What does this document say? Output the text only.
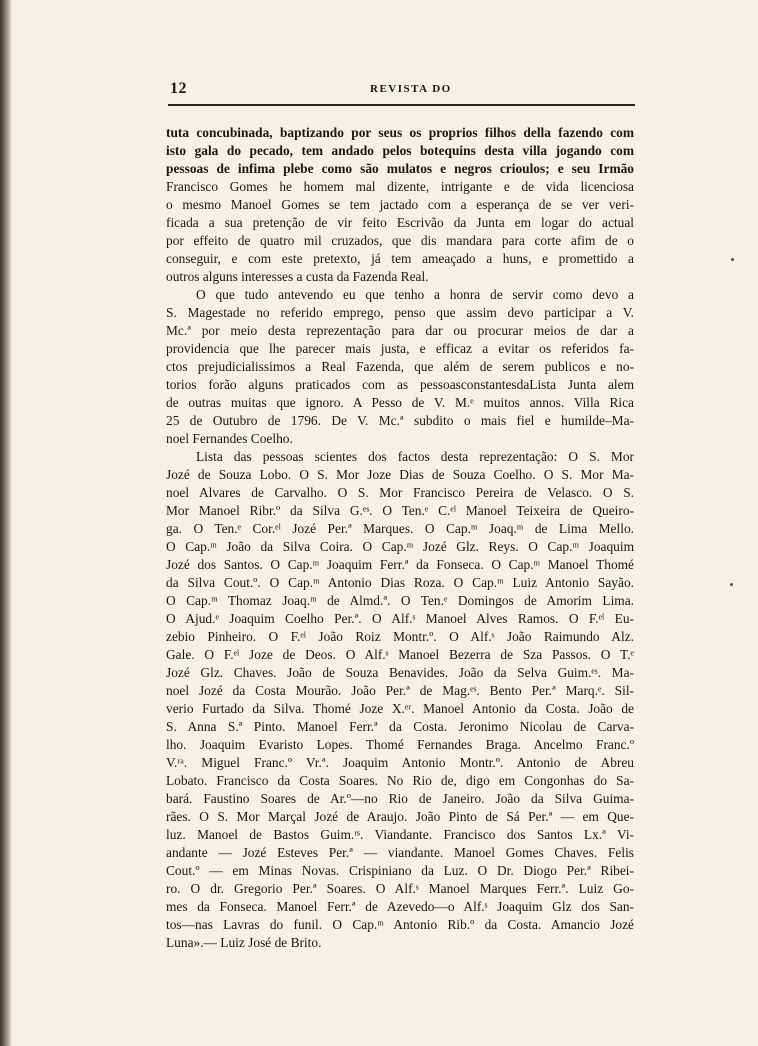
12	REVISTA DO
tuta concubinada, baptizando por seus os proprios filhos della fazendo com
isto gala do pecado, tem andado pelos botequins desta villa jogando com
pessoas de infima plebe como são mulatos e negros crioulos; e seu Irmão
Francisco Gomes he homem mal dizente, intrigante e de vida licenciosa
o mesmo Manoel Gomes se tem jactado com a esperança de se ver veri-
ficada a sua pretenção de vir feito Escrivão da Junta em logar do actual
por effeito de quatro mil cruzados, que dis mandara para corte afim de o
conseguir, e com este pretexto, já tem ameaçado a huns, e promettido a
outros alguns interesses a custa da Fazenda Real.
O que tudo antevendo eu que tenho a honra de servir como devo a
S. Magestade no referido emprego, penso que assim devo participar a V.
Mc.ª por meio desta reprezentação para dar ou procurar meios de dar a
providencia que lhe parecer mais justa, e efficaz a evitar os referidos fa-
ctos prejudicialissimos a Real Fazenda, que além de serem publicos e no-
torios forão alguns praticados com as pessoasconstantesdaLista Junta alem
de outras muitas que ignoro. A Pesso de V. M.ᵉ muitos annos. Villa Rica
25 de Outubro de 1796. De V. Mc.ª subdito o mais fiel e humilde–Ma-
noel Fernandes Coelho.
Lista das pessoas scientes dos factos desta reprezentação: O S. Mor
Jozé de Souza Lobo. O S. Mor Joze Dias de Souza Coelho. O S. Mor Ma-
noel Alvares de Carvalho. O S. Mor Francisco Pereira de Velasco. O S.
Mor Manoel Ribr.º da Silva G.ᵉˢ. O Ten.ᵉ C.ᵉˡ Manoel Teixeira de Queiro-
ga. O Ten.ᵉ Cor.ᵉˡ Jozé Per.ª Marques. O Cap.ᵐ Joaq.ᵐ de Lima Mello.
O Cap.ᵐ João da Silva Coira. O Cap.ᵐ Jozé Glz. Reys. O Cap.ᵐ Joaquim
Jozé dos Santos. O Cap.ᵐ Joaquim Ferr.ª da Fonseca. O Cap.ᵐ Manoel Thomé
da Silva Cout.º. O Cap.ᵐ Antonio Dias Roza. O Cap.ᵐ Luiz Antonio Sayão.
O Cap.ᵐ Thomaz Joaq.ᵐ de Almd.ª. O Ten.ᵉ Domingos de Amorim Lima.
O Ajud.ᵉ Joaquim Coelho Per.ª. O Alf.ˢ Manoel Alves Ramos. O F.ᵉˡ Eu-
zebio Pinheiro. O F.ᵉˡ João Roiz Montr.º. O Alf.ˢ João Raimundo Alz.
Gale. O F.ᵉˡ Joze de Deos. O Alf.ˢ Manoel Bezerra de Sza Passos. O T.ᵉ
Jozé Glz. Chaves. João de Souza Benavides. João da Selva Guim.ᵉˢ. Ma-
noel Jozé da Costa Mourão. João Per.ª de Mag.ᵉˢ. Bento Per.ª Marq.ᵉ. Sil-
verio Furtado da Silva. Thomé Joze X.ᵉʳ. Manoel Antonio da Costa. João de
S. Anna S.ª Pinto. Manoel Ferr.ª da Costa. Jeronimo Nicolau de Carva-
lho. Joaquim Evaristo Lopes. Thomé Fernandes Braga. Ancelmo Franc.º
V.ʳᵃ. Miguel Franc.º Vr.ª. Joaquim Antonio Montr.º. Antonio de Abreu
Lobato. Francisco da Costa Soares. No Rio de, digo em Congonhas do Sa-
bará. Faustino Soares de Ar.º—no Rio de Janeiro. João da Silva Guima-
rães. O S. Mor Marçal Jozé de Araujo. João Pinto de Sá Per.ª — em Que-
luz. Manoel de Bastos Guim.ʳˢ. Viandante. Francisco dos Santos Lx.ª Vi-
andante — Jozé Esteves Per.ª — viandante. Manoel Gomes Chaves. Felis
Cout.º — em Minas Novas. Crispiniano da Luz. O Dr. Diogo Per.ª Ribei-
ro. O dr. Gregorio Per.ª Soares. O Alf.ˢ Manoel Marques Ferr.ª. Luiz Go-
mes da Fonseca. Manoel Ferr.ª de Azevedo—o Alf.ˢ Joaquim Glz dos San-
tos—nas Lavras do funil. O Cap.ᵐ Antonio Rib.º da Costa. Amancio Jozé
Luna».— Luiz José de Brito.
